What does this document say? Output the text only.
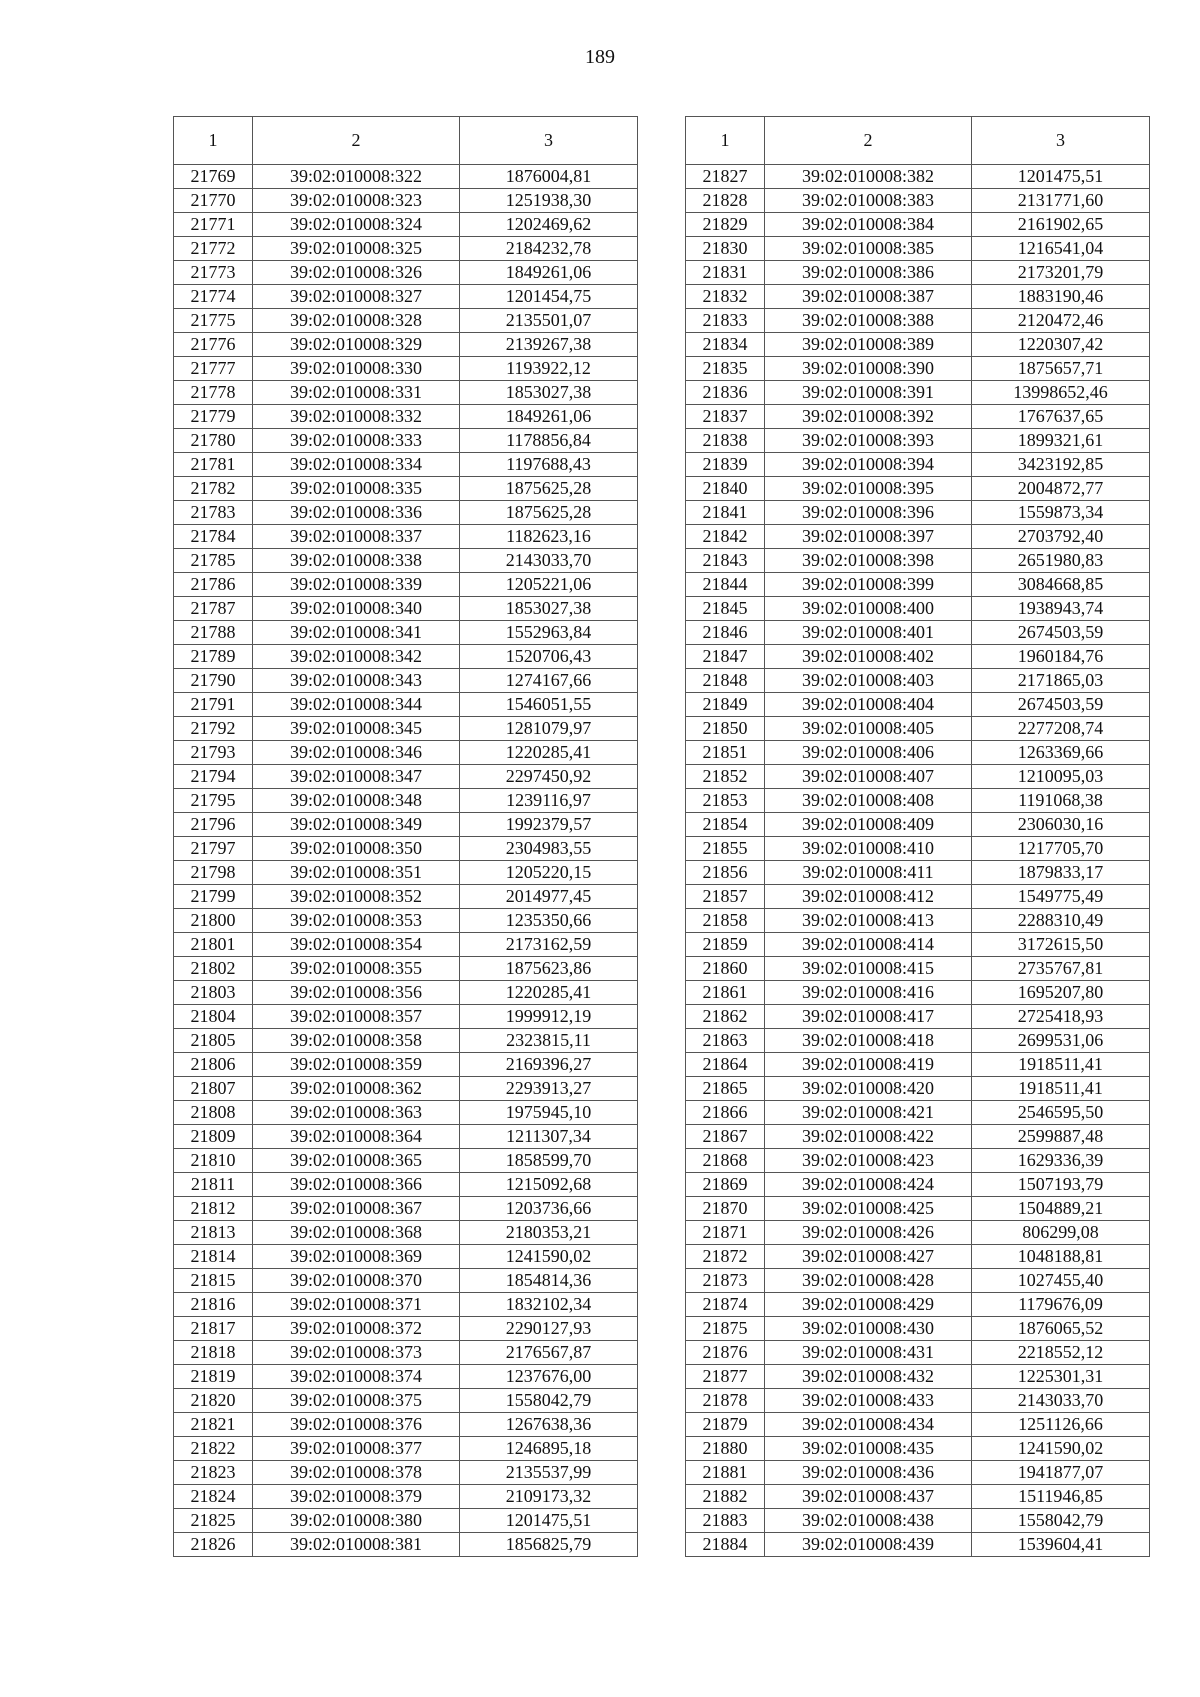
189
1	2	3
21769	39:02:010008:322	1876004,81
21770	39:02:010008:323	1251938,30
21771	39:02:010008:324	1202469,62
21772	39:02:010008:325	2184232,78
21773	39:02:010008:326	1849261,06
21774	39:02:010008:327	1201454,75
21775	39:02:010008:328	2135501,07
21776	39:02:010008:329	2139267,38
21777	39:02:010008:330	1193922,12
21778	39:02:010008:331	1853027,38
21779	39:02:010008:332	1849261,06
21780	39:02:010008:333	1178856,84
21781	39:02:010008:334	1197688,43
21782	39:02:010008:335	1875625,28
21783	39:02:010008:336	1875625,28
21784	39:02:010008:337	1182623,16
21785	39:02:010008:338	2143033,70
21786	39:02:010008:339	1205221,06
21787	39:02:010008:340	1853027,38
21788	39:02:010008:341	1552963,84
21789	39:02:010008:342	1520706,43
21790	39:02:010008:343	1274167,66
21791	39:02:010008:344	1546051,55
21792	39:02:010008:345	1281079,97
21793	39:02:010008:346	1220285,41
21794	39:02:010008:347	2297450,92
21795	39:02:010008:348	1239116,97
21796	39:02:010008:349	1992379,57
21797	39:02:010008:350	2304983,55
21798	39:02:010008:351	1205220,15
21799	39:02:010008:352	2014977,45
21800	39:02:010008:353	1235350,66
21801	39:02:010008:354	2173162,59
21802	39:02:010008:355	1875623,86
21803	39:02:010008:356	1220285,41
21804	39:02:010008:357	1999912,19
21805	39:02:010008:358	2323815,11
21806	39:02:010008:359	2169396,27
21807	39:02:010008:362	2293913,27
21808	39:02:010008:363	1975945,10
21809	39:02:010008:364	1211307,34
21810	39:02:010008:365	1858599,70
21811	39:02:010008:366	1215092,68
21812	39:02:010008:367	1203736,66
21813	39:02:010008:368	2180353,21
21814	39:02:010008:369	1241590,02
21815	39:02:010008:370	1854814,36
21816	39:02:010008:371	1832102,34
21817	39:02:010008:372	2290127,93
21818	39:02:010008:373	2176567,87
21819	39:02:010008:374	1237676,00
21820	39:02:010008:375	1558042,79
21821	39:02:010008:376	1267638,36
21822	39:02:010008:377	1246895,18
21823	39:02:010008:378	2135537,99
21824	39:02:010008:379	2109173,32
21825	39:02:010008:380	1201475,51
21826	39:02:010008:381	1856825,79
1	2	3
21827	39:02:010008:382	1201475,51
21828	39:02:010008:383	2131771,60
21829	39:02:010008:384	2161902,65
21830	39:02:010008:385	1216541,04
21831	39:02:010008:386	2173201,79
21832	39:02:010008:387	1883190,46
21833	39:02:010008:388	2120472,46
21834	39:02:010008:389	1220307,42
21835	39:02:010008:390	1875657,71
21836	39:02:010008:391	13998652,46
21837	39:02:010008:392	1767637,65
21838	39:02:010008:393	1899321,61
21839	39:02:010008:394	3423192,85
21840	39:02:010008:395	2004872,77
21841	39:02:010008:396	1559873,34
21842	39:02:010008:397	2703792,40
21843	39:02:010008:398	2651980,83
21844	39:02:010008:399	3084668,85
21845	39:02:010008:400	1938943,74
21846	39:02:010008:401	2674503,59
21847	39:02:010008:402	1960184,76
21848	39:02:010008:403	2171865,03
21849	39:02:010008:404	2674503,59
21850	39:02:010008:405	2277208,74
21851	39:02:010008:406	1263369,66
21852	39:02:010008:407	1210095,03
21853	39:02:010008:408	1191068,38
21854	39:02:010008:409	2306030,16
21855	39:02:010008:410	1217705,70
21856	39:02:010008:411	1879833,17
21857	39:02:010008:412	1549775,49
21858	39:02:010008:413	2288310,49
21859	39:02:010008:414	3172615,50
21860	39:02:010008:415	2735767,81
21861	39:02:010008:416	1695207,80
21862	39:02:010008:417	2725418,93
21863	39:02:010008:418	2699531,06
21864	39:02:010008:419	1918511,41
21865	39:02:010008:420	1918511,41
21866	39:02:010008:421	2546595,50
21867	39:02:010008:422	2599887,48
21868	39:02:010008:423	1629336,39
21869	39:02:010008:424	1507193,79
21870	39:02:010008:425	1504889,21
21871	39:02:010008:426	806299,08
21872	39:02:010008:427	1048188,81
21873	39:02:010008:428	1027455,40
21874	39:02:010008:429	1179676,09
21875	39:02:010008:430	1876065,52
21876	39:02:010008:431	2218552,12
21877	39:02:010008:432	1225301,31
21878	39:02:010008:433	2143033,70
21879	39:02:010008:434	1251126,66
21880	39:02:010008:435	1241590,02
21881	39:02:010008:436	1941877,07
21882	39:02:010008:437	1511946,85
21883	39:02:010008:438	1558042,79
21884	39:02:010008:439	1539604,41
